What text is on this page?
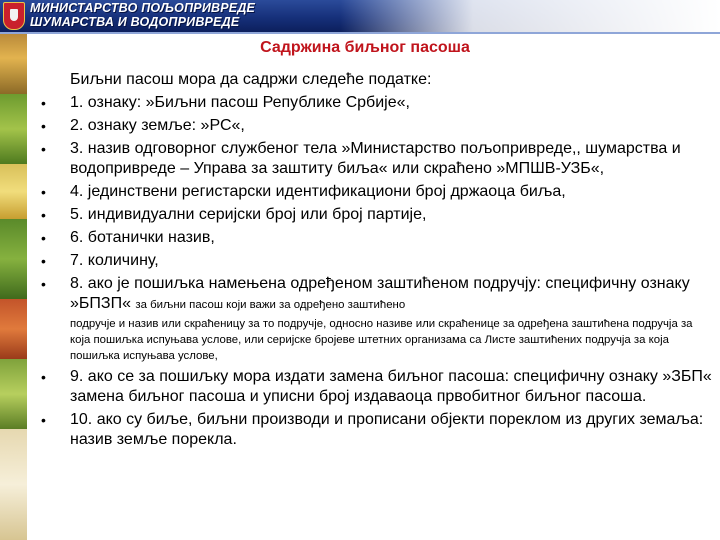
МИНИСТАРСТВО ПОЉОПРИВРЕДЕ
ШУМАРСТВА И ВОДОПРИВРЕДЕ
Садржина биљног пасоша
Биљни пасош мора да садржи следеће податке:
• 1. ознаку: »Биљни пасош Републике Србије«,
• 2. ознаку земље: »РС«,
• 3. назив одговорног службеног тела »Министарство пољопривреде,, шумарства и водопривреде – Управа за заштиту биља« или скраћено »МПШВ-УЗБ«,
• 4. јединствени регистарски идентификациони број држаоца биља,
• 5. индивидуални серијски број или број партије,
• 6. ботанички назив,
• 7. количину,
• 8. ако је пошиљка намењена одређеном заштићеном подручју: специфичну ознаку »БПЗП« за биљни пасош који важи за одређено заштићено
подручје и назив или скраћеницу за то подручје, односно називе или скраћенице за одређена заштићена подручја за која пошиљка испуњава услове, или серијске бројеве штетних организама са Листе заштићених подручја за која пошиљка испуњава услове,
• 9. ако се за пошиљку мора издати замена биљног пасоша: специфичну ознаку »ЗБП« замена биљног пасоша и уписни број издаваоца првобитног биљног пасоша.
• 10. ако су биље, биљни производи и прописани објекти пореклом из других земаља: назив земље порекла.
